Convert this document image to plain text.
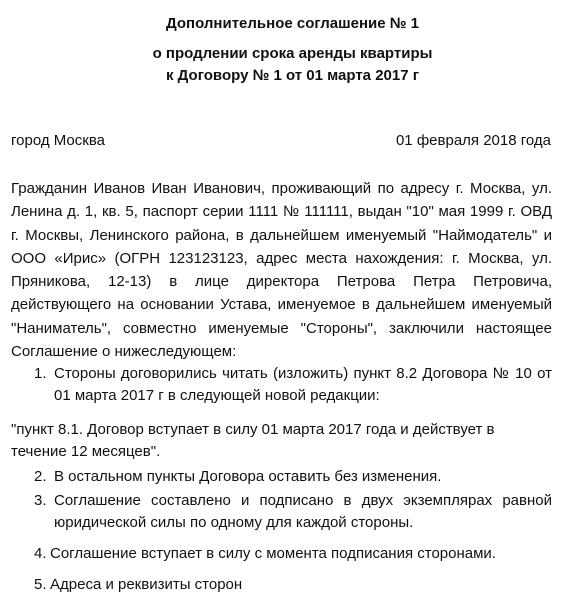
Дополнительное соглашение № 1
о продлении срока аренды квартиры
к Договору № 1 от 01 марта 2017 г
город Москва	01 февраля 2018 года
Гражданин Иванов Иван Иванович, проживающий по адресу г. Москва, ул. Ленина д. 1, кв. 5, паспорт серии 1111 № 111111, выдан "10" мая 1999 г. ОВД г. Москвы, Ленинского района, в дальнейшем именуемый "Наймодатель" и ООО «Ирис» (ОГРН 123123123, адрес места нахождения: г. Москва, ул. Пряникова, 12-13) в лице директора Петрова Петра Петровича, действующего на основании Устава, именуемое в дальнейшем именуемый "Наниматель", совместно именуемые "Стороны", заключили настоящее Соглашение о нижеследующем:
1. Стороны договорились читать (изложить) пункт 8.2 Договора № 10 от 01 марта 2017 г в следующей новой редакции:
"пункт 8.1. Договор вступает в силу 01 марта 2017 года и действует в течение 12 месяцев".
2. В остальном пункты Договора оставить без изменения.
3. Соглашение составлено и подписано в двух экземплярах равной юридической силы по одному для каждой стороны.
4. Соглашение вступает в силу с момента подписания сторонами.
5. Адреса и реквизиты сторон
